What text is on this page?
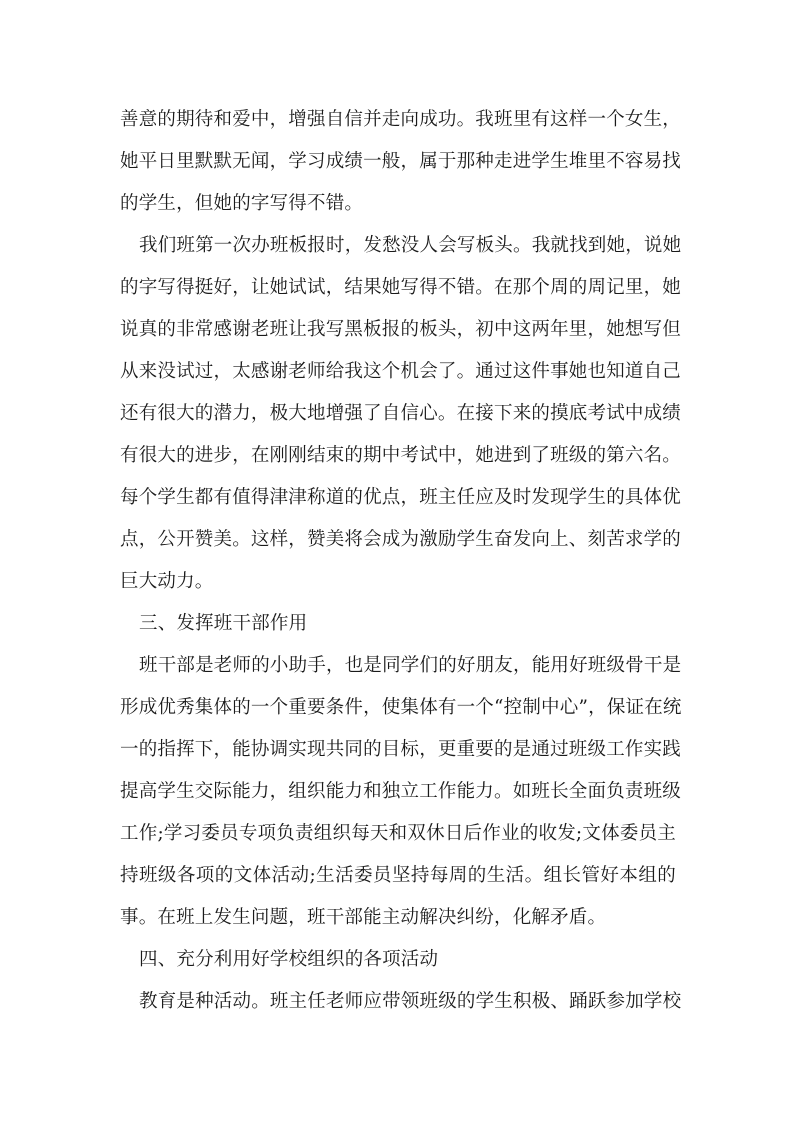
善意的期待和爱中，增强自信并走向成功。我班里有这样一个女生，
她平日里默默无闻，学习成绩一般，属于那种走进学生堆里不容易找
的学生，但她的字写得不错。
我们班第一次办班板报时，发愁没人会写板头。我就找到她，说她
的字写得挺好，让她试试，结果她写得不错。在那个周的周记里，她
说真的非常感谢老班让我写黑板报的板头，初中这两年里，她想写但
从来没试过，太感谢老师给我这个机会了。通过这件事她也知道自己
还有很大的潜力，极大地增强了自信心。在接下来的摸底考试中成绩
有很大的进步，在刚刚结束的期中考试中，她进到了班级的第六名。
每个学生都有值得津津称道的优点，班主任应及时发现学生的具体优
点，公开赞美。这样，赞美将会成为激励学生奋发向上、刻苦求学的
巨大动力。
三、发挥班干部作用
班干部是老师的小助手，也是同学们的好朋友，能用好班级骨干是
形成优秀集体的一个重要条件，使集体有一个“控制中心”，保证在统
一的指挥下，能协调实现共同的目标，更重要的是通过班级工作实践
提高学生交际能力，组织能力和独立工作能力。如班长全面负责班级
工作;学习委员专项负责组织每天和双休日后作业的收发;文体委员主
持班级各项的文体活动;生活委员坚持每周的生活。组长管好本组的
事。在班上发生问题，班干部能主动解决纠纷，化解矛盾。
四、充分利用好学校组织的各项活动
教育是种活动。班主任老师应带领班级的学生积极、踊跃参加学校
